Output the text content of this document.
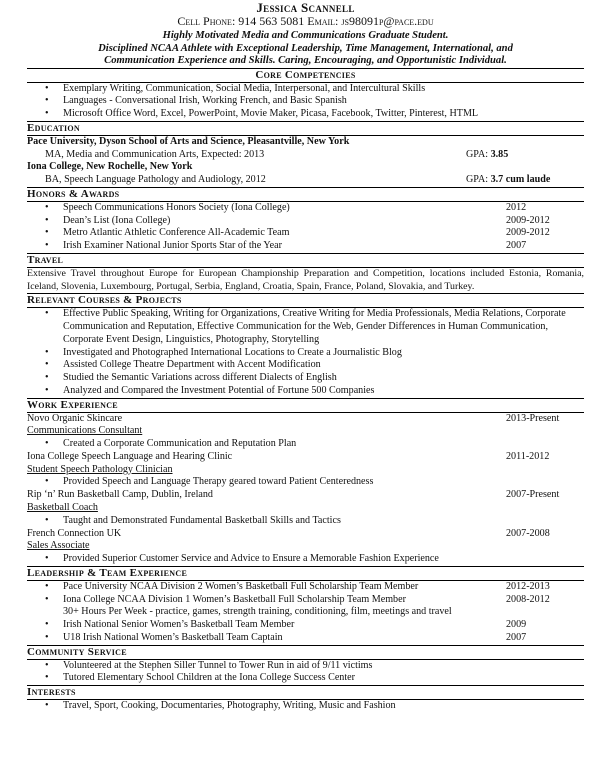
Jessica Scannell
Cell Phone: 914 563 5081 Email: js98091p@pace.edu
Highly Motivated Media and Communications Graduate Student.
Disciplined NCAA Athlete with Exceptional Leadership, Time Management, International, and
Communication Experience and Skills. Caring, Encouraging, and Opportunistic Individual.
Core Competencies
• Exemplary Writing, Communication, Social Media, Interpersonal, and Intercultural Skills
• Languages - Conversational Irish, Working French, and Basic Spanish
• Microsoft Office Word, Excel, PowerPoint, Movie Maker, Picasa, Facebook, Twitter, Pinterest, HTML
Education
Pace University, Dyson School of Arts and Science, Pleasantville, New York
MA, Media and Communication Arts, Expected: 2013	GPA: 3.85
Iona College, New Rochelle, New York
BA, Speech Language Pathology and Audiology, 2012	GPA: 3.7 cum laude
Honors & Awards
• Speech Communications Honors Society (Iona College)	2012
• Dean’s List (Iona College)	2009-2012
• Metro Atlantic Athletic Conference All-Academic Team	2009-2012
• Irish Examiner National Junior Sports Star of the Year	2007
Travel
Extensive Travel throughout Europe for European Championship Preparation and Competition, locations included Estonia, Romania, Iceland, Slovenia, Luxembourg, Portugal, Serbia, England, Croatia, Spain, France, Poland, Slovakia, and Turkey.
Relevant Courses & Projects
• Effective Public Speaking, Writing for Organizations, Creative Writing for Media Professionals, Media Relations, Corporate Communication and Reputation, Effective Communication for the Web, Gender Differences in Human Communication, Corporate Event Design, Linguistics, Photography, Storytelling
• Investigated and Photographed International Locations to Create a Journalistic Blog
• Assisted College Theatre Department with Accent Modification
• Studied the Semantic Variations across different Dialects of English
• Analyzed and Compared the Investment Potential of Fortune 500 Companies
Work Experience
Novo Organic Skincare	2013-Present
Communications Consultant
• Created a Corporate Communication and Reputation Plan
Iona College Speech Language and Hearing Clinic	2011-2012
Student Speech Pathology Clinician
• Provided Speech and Language Therapy geared toward Patient Centeredness
Rip ‘n’ Run Basketball Camp, Dublin, Ireland	2007-Present
Basketball Coach
• Taught and Demonstrated Fundamental Basketball Skills and Tactics
French Connection UK	2007-2008
Sales Associate
• Provided Superior Customer Service and Advice to Ensure a Memorable Fashion Experience
Leadership & Team Experience
• Pace University NCAA Division 2 Women’s Basketball Full Scholarship Team Member	2012-2013
• Iona College NCAA Division 1 Women’s Basketball Full Scholarship Team Member	2008-2012
30+ Hours Per Week - practice, games, strength training, conditioning, film, meetings and travel
• Irish National Senior Women’s Basketball Team Member	2009
• U18 Irish National Women’s Basketball Team Captain	2007
Community Service
• Volunteered at the Stephen Siller Tunnel to Tower Run in aid of 9/11 victims
• Tutored Elementary School Children at the Iona College Success Center
Interests
• Travel, Sport, Cooking, Documentaries, Photography, Writing, Music and Fashion
